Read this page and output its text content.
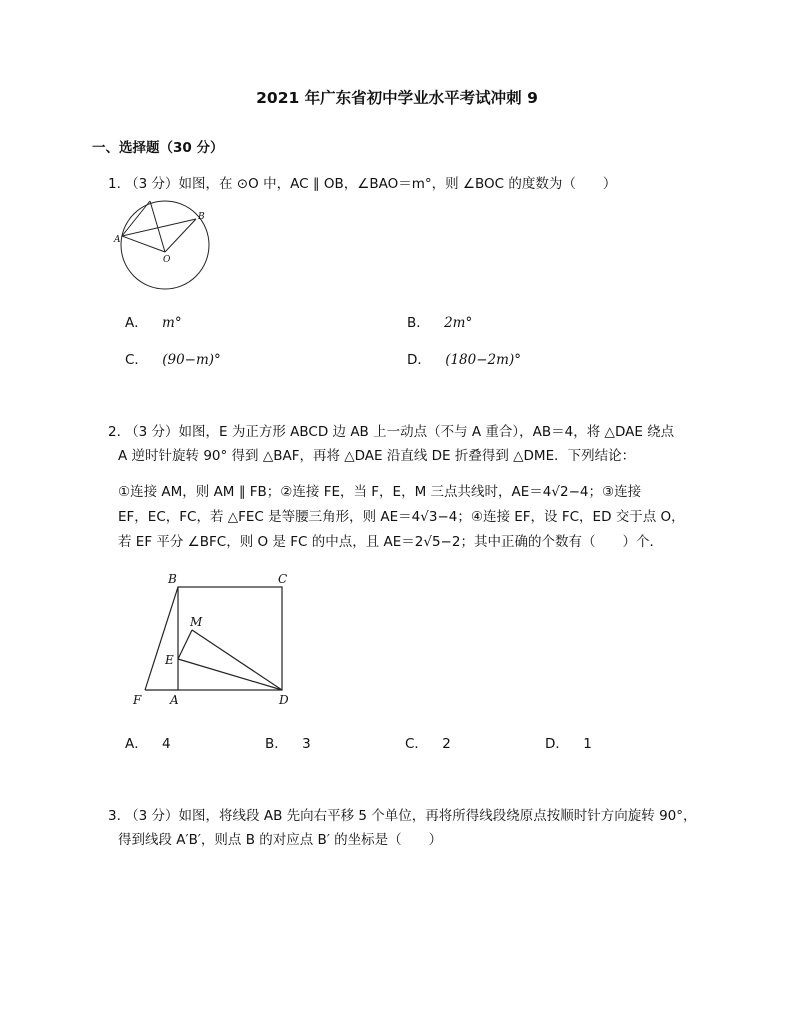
2021 年广东省初中学业水平考试冲刺 9
一、选择题（30 分）
1. （3 分）如图，在 ⊙O 中，AC ∥ OB，∠BAO＝m°，则 ∠BOC 的度数为（　　）
A
B
O
A． m°	B． 2m°
C． (90−m)°	D． (180−2m)°
2. （3 分）如图，E 为正方形 ABCD 边 AB 上一动点（不与 A 重合），AB＝4，将 △DAE 绕点
A 逆时针旋转 90° 得到 △BAF，再将 △DAE 沿直线 DE 折叠得到 △DME．下列结论：
①连接 AM，则 AM ∥ FB；②连接 FE，当 F，E，M 三点共线时，AE＝4√2−4；③连接
EF，EC，FC，若 △FEC 是等腰三角形，则 AE＝4√3−4；④连接 EF，设 FC，ED 交于点 O，
若 EF 平分 ∠BFC，则 O 是 FC 的中点，且 AE＝2√5−2；其中正确的个数有（　　）个．
B	C
M
E
F A	D
A． 4	B． 3	C． 2	D． 1
3. （3 分）如图，将线段 AB 先向右平移 5 个单位，再将所得线段绕原点按顺时针方向旋转 90°，
得到线段 A′B′，则点 B 的对应点 B′ 的坐标是（　　）
